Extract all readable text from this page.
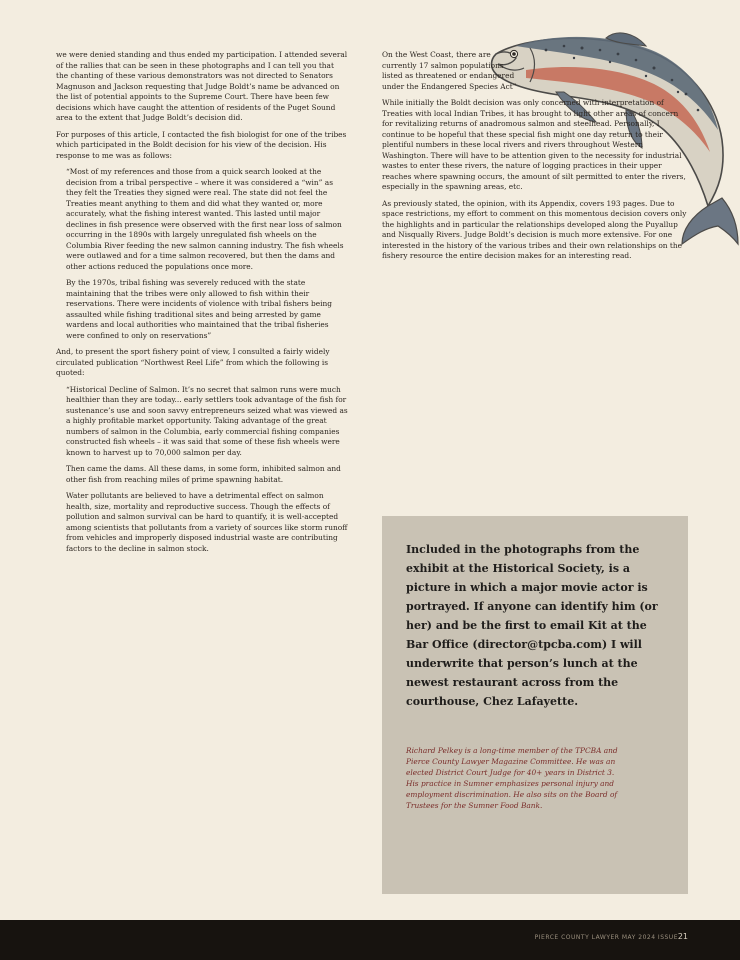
we were denied standing and thus ended my participation. I attended several of the rallies that can be seen in these photographs and I can tell you that the chanting of these various demonstrators was not directed to Senators Magnuson and Jackson requesting that Judge Boldt’s name be advanced on the list of potential appoints to the Supreme Court. There have been few decisions which have caught the attention of residents of the Puget Sound area to the extent that Judge Boldt’s decision did.

For purposes of this article, I contacted the fish biologist for one of the tribes which participated in the Boldt decision for his view of the decision. His response to me was as follows:

“Most of my references and those from a quick search looked at the decision from a tribal perspective – where it was considered a “win” as they felt the Treaties they signed were real. The state did not feel the Treaties meant anything to them and did what they wanted or, more accurately, what the fishing interest wanted. This lasted until major declines in fish presence were observed with the first near loss of salmon occurring in the 1890s with largely unregulated fish wheels on the Columbia River feeding the new salmon canning industry. The fish wheels were outlawed and for a time salmon recovered, but then the dams and other actions reduced the populations once more.

By the 1970s, tribal fishing was severely reduced with the state maintaining that the tribes were only allowed to fish within their reservations. There were incidents of violence with tribal fishers being assaulted while fishing traditional sites and being arrested by game wardens and local authorities who maintained that the tribal fisheries were confined to only on reservations”

And, to present the sport fishery point of view, I consulted a fairly widely circulated publication “Northwest Reel Life” from which the following is quoted:

“Historical Decline of Salmon. It’s no secret that salmon runs were much healthier than they are today... early settlers took advantage of the fish for sustenance’s use and soon savvy entrepreneurs seized what was viewed as a highly profitable market opportunity. Taking advantage of the great numbers of salmon in the Columbia, early commercial fishing companies constructed fish wheels – it was said that some of these fish wheels were known to harvest up to 70,000 salmon per day.

Then came the dams. All these dams, in some form, inhibited salmon and other fish from reaching miles of prime spawning habitat.

Water pollutants are believed to have a detrimental effect on salmon health, size, mortality and reproductive success. Though the effects of pollution and salmon survival can be hard to quantify, it is well-accepted among scientists that pollutants from a variety of sources like storm runoff from vehicles and improperly disposed industrial waste are contributing factors to the decline in salmon stock.

On the West Coast, there are currently 17 salmon populations listed as threatened or endangered under the Endangered Species Act”

While initially the Boldt decision was only concerned with interpretation of Treaties with local Indian Tribes, it has brought to light other areas of concern for revitalizing returns of anadromous salmon and steelhead. Personally, I continue to be hopeful that these special fish might one day return to their plentiful numbers in these local rivers and rivers throughout Western Washington. There will have to be attention given to the necessity for industrial wastes to enter these rivers, the nature of logging practices in their upper reaches where spawning occurs, the amount of silt permitted to enter the rivers, especially in the spawning areas, etc.

As previously stated, the opinion, with its Appendix, covers 193 pages. Due to space restrictions, my effort to comment on this momentous decision covers only the highlights and in particular the relationships developed along the Puyallup and Nisqually Rivers. Judge Boldt’s decision is much more extensive. For one interested in the history of the various tribes and their own relationships on the fishery resource the entire decision makes for an interesting read.

Included in the photographs from the exhibit at the Historical Society, is a picture in which a major movie actor is portrayed. If anyone can identify him (or her) and be the first to email Kit at the Bar Office (director@tpcba.com) I will underwrite that person’s lunch at the newest restaurant across from the courthouse, Chez Lafayette.

Richard Pelkey is a long-time member of the TPCBA and Pierce County Lawyer Magazine Committee. He was an elected District Court Judge for 40+ years in District 3. His practice in Sumner emphasizes personal injury and employment discrimination. He also sits on the Board of Trustees for the Sumner Food Bank.

PIERCE COUNTY LAWYER MAY 2024 ISSUE 21
